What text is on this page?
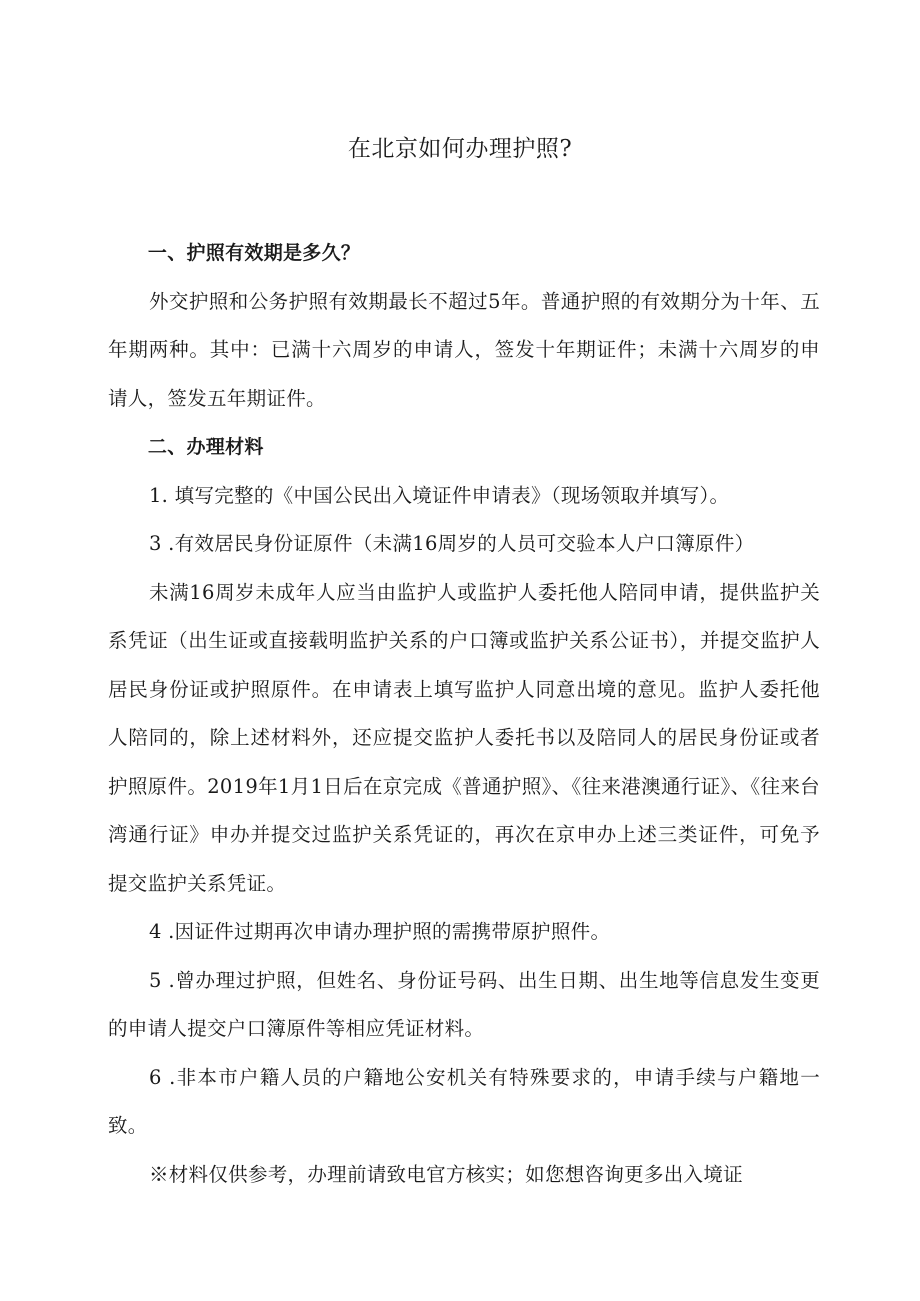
在北京如何办理护照?

一、护照有效期是多久？

外交护照和公务护照有效期最长不超过5年。普通护照的有效期分为十年、五年期两种。其中：已满十六周岁的申请人，签发十年期证件；未满十六周岁的申请人，签发五年期证件。

二、办理材料

1. 填写完整的《中国公民出入境证件申请表》（现场领取并填写）。

3 .有效居民身份证原件（未满16周岁的人员可交验本人户口簿原件）

未满16周岁未成年人应当由监护人或监护人委托他人陪同申请，提供监护关系凭证（出生证或直接载明监护关系的户口簿或监护关系公证书），并提交监护人居民身份证或护照原件。在申请表上填写监护人同意出境的意见。监护人委托他人陪同的，除上述材料外，还应提交监护人委托书以及陪同人的居民身份证或者护照原件。2019年1月1日后在京完成《普通护照》、《往来港澳通行证》、《往来台湾通行证》申办并提交过监护关系凭证的，再次在京申办上述三类证件，可免予提交监护关系凭证。

4 .因证件过期再次申请办理护照的需携带原护照件。

5 .曾办理过护照，但姓名、身份证号码、出生日期、出生地等信息发生变更的申请人提交户口簿原件等相应凭证材料。

6 .非本市户籍人员的户籍地公安机关有特殊要求的，申请手续与户籍地一致。

※材料仅供参考，办理前请致电官方核实；如您想咨询更多出入境证
